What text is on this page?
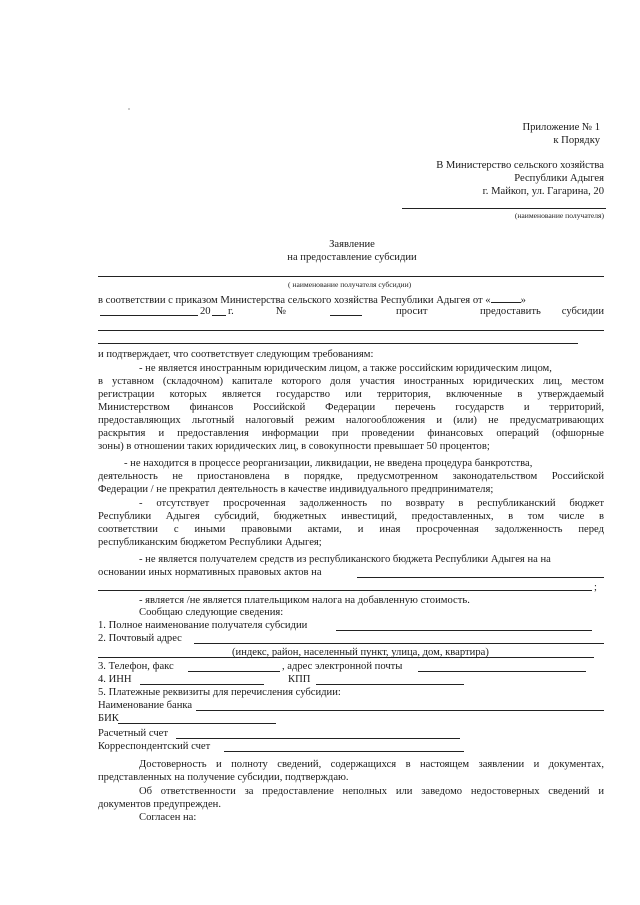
Приложение № 1
к Порядку
В Министерство сельского хозяйства
Республики Адыгея
г. Майкоп, ул. Гагарина, 20
(наименование получателя)
Заявление
на предоставление субсидии
( наименование получателя субсидии)
в соответствии с приказом Министерства сельского хозяйства Республики Адыгея от «	»
20 г.	№	просит	предоставить субсидии
и подтверждает, что соответствует следующим требованиям:
- не является иностранным юридическим лицом, а также российским юридическим лицом,
в уставном (складочном) капитале которого доля участия иностранных юридических лиц, местом
регистрации которых является государство или территория, включенные в утверждаемый
Министерством финансов Российской Федерации перечень государств и территорий,
предоставляющих льготный налоговый режим налогообложения и (или) не предусматривающих
раскрытия и предоставления информации при проведении финансовых операций (офшорные
зоны) в отношении таких юридических лиц, в совокупности превышает 50 процентов;
- не находится в процессе реорганизации, ликвидации, не введена процедура банкротства,
деятельность не приостановлена в порядке, предусмотренном законодательством Российской
Федерации / не прекратил деятельность в качестве индивидуального предпринимателя;
- отсутствует просроченная задолженность по возврату в республиканский бюджет
Республики Адыгея субсидий, бюджетных инвестиций, предоставленных, в том числе в
соответствии с иными правовыми актами, и иная просроченная задолженность перед
республиканским бюджетом Республики Адыгея;
- не является получателем средств из республиканского бюджета Республики Адыгея на на
основании иных нормативных правовых актов на
;
- является /не является плательщиком налога на добавленную стоимость.
Сообщаю следующие сведения:
1. Полное наименование получателя субсидии
2. Почтовый адрес
(индекс, район, населенный пункт, улица, дом, квартира)
3. Телефон, факс	, адрес электронной почты
4. ИНН	КПП
5. Платежные реквизиты для перечисления субсидии:
Наименование банка
БИК
Расчетный счет
Корреспондентский счет
Достоверность и полноту сведений, содержащихся в настоящем заявлении и документах,
представленных на получение субсидии, подтверждаю.
Об ответственности за предоставление неполных или заведомо недостоверных сведений и
документов предупрежден.
Согласен на:
